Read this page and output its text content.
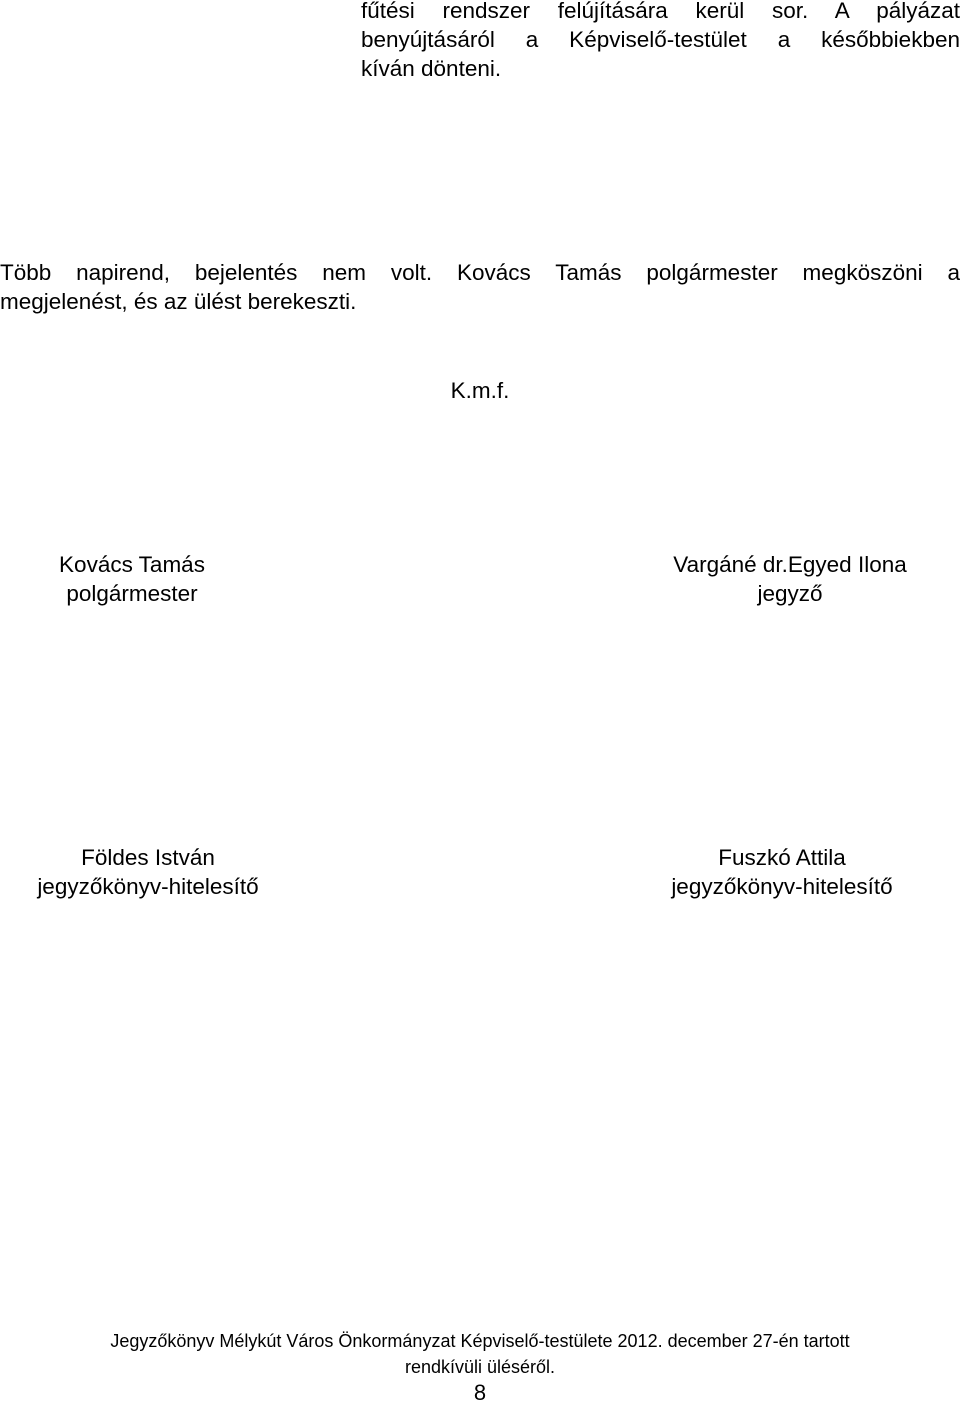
fűtési rendszer felújítására kerül sor. A pályázat
benyújtásáról a Képviselő-testület a későbbiekben
kíván dönteni.
Több napirend, bejelentés nem volt. Kovács Tamás polgármester megköszöni a
megjelenést, és az ülést berekeszti.
K.m.f.
Kovács Tamás
polgármester
Vargáné dr.Egyed Ilona
jegyző
Földes István
jegyzőkönyv-hitelesítő
Fuszkó Attila
jegyzőkönyv-hitelesítő
Jegyzőkönyv Mélykút Város Önkormányzat Képviselő-testülete 2012. december 27-én tartott
rendkívüli üléséről.
8
